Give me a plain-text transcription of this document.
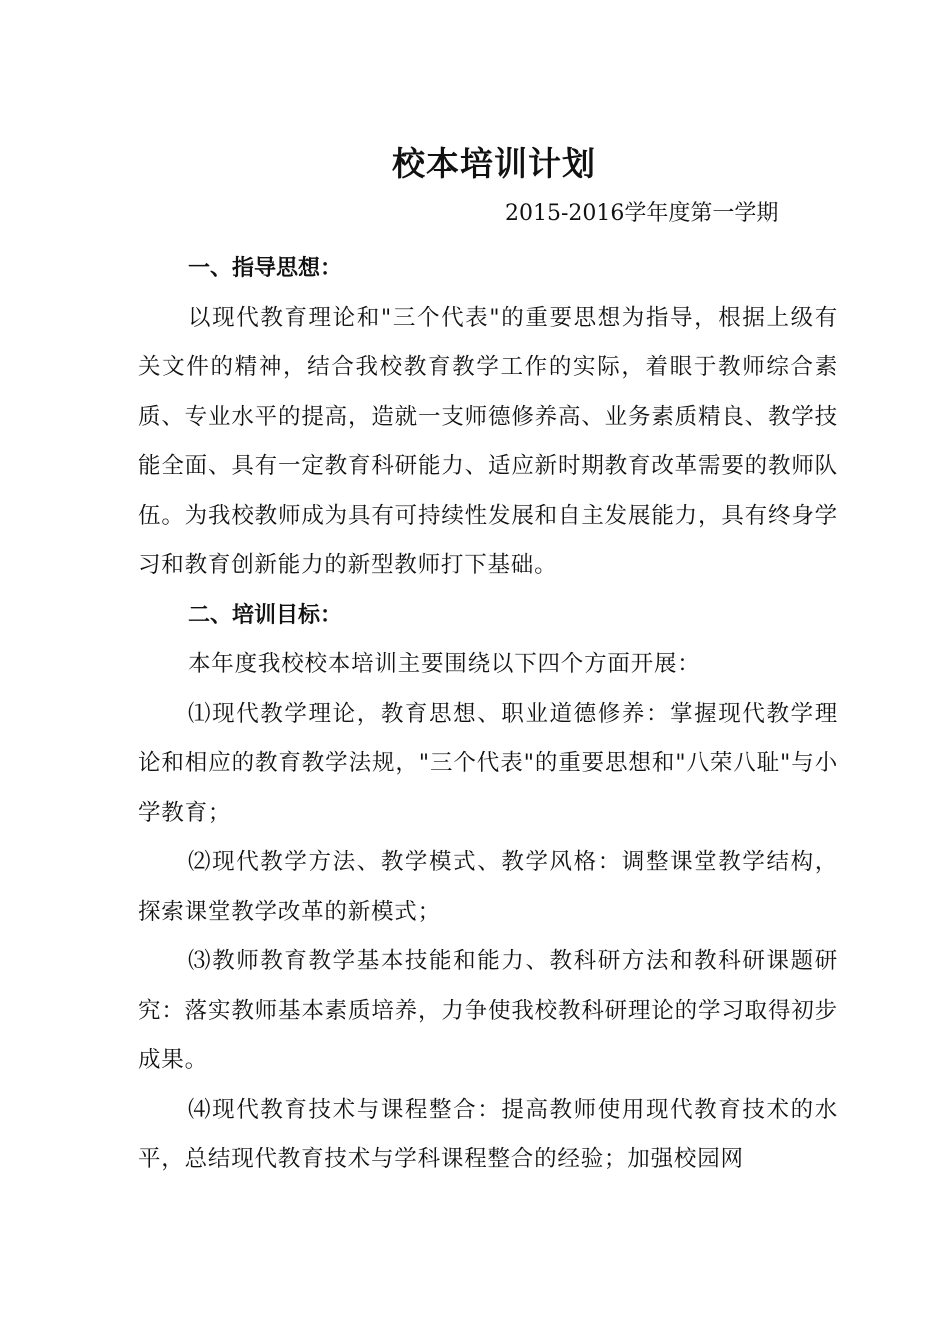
校本培训计划

2015-2016学年度第一学期

一、指导思想：

以现代教育理论和"三个代表"的重要思想为指导，根据上级有关文件的精神，结合我校教育教学工作的实际，着眼于教师综合素质、专业水平的提高，造就一支师德修养高、业务素质精良、教学技能全面、具有一定教育科研能力、适应新时期教育改革需要的教师队伍。为我校教师成为具有可持续性发展和自主发展能力，具有终身学习和教育创新能力的新型教师打下基础。

二、培训目标：

本年度我校校本培训主要围绕以下四个方面开展：

⑴现代教学理论，教育思想、职业道德修养：掌握现代教学理论和相应的教育教学法规，"三个代表"的重要思想和"八荣八耻"与小学教育；

⑵现代教学方法、教学模式、教学风格：调整课堂教学结构，探索课堂教学改革的新模式；

⑶教师教育教学基本技能和能力、教科研方法和教科研课题研究：落实教师基本素质培养，力争使我校教科研理论的学习取得初步成果。

⑷现代教育技术与课程整合：提高教师使用现代教育技术的水平，总结现代教育技术与学科课程整合的经验；加强校园网
